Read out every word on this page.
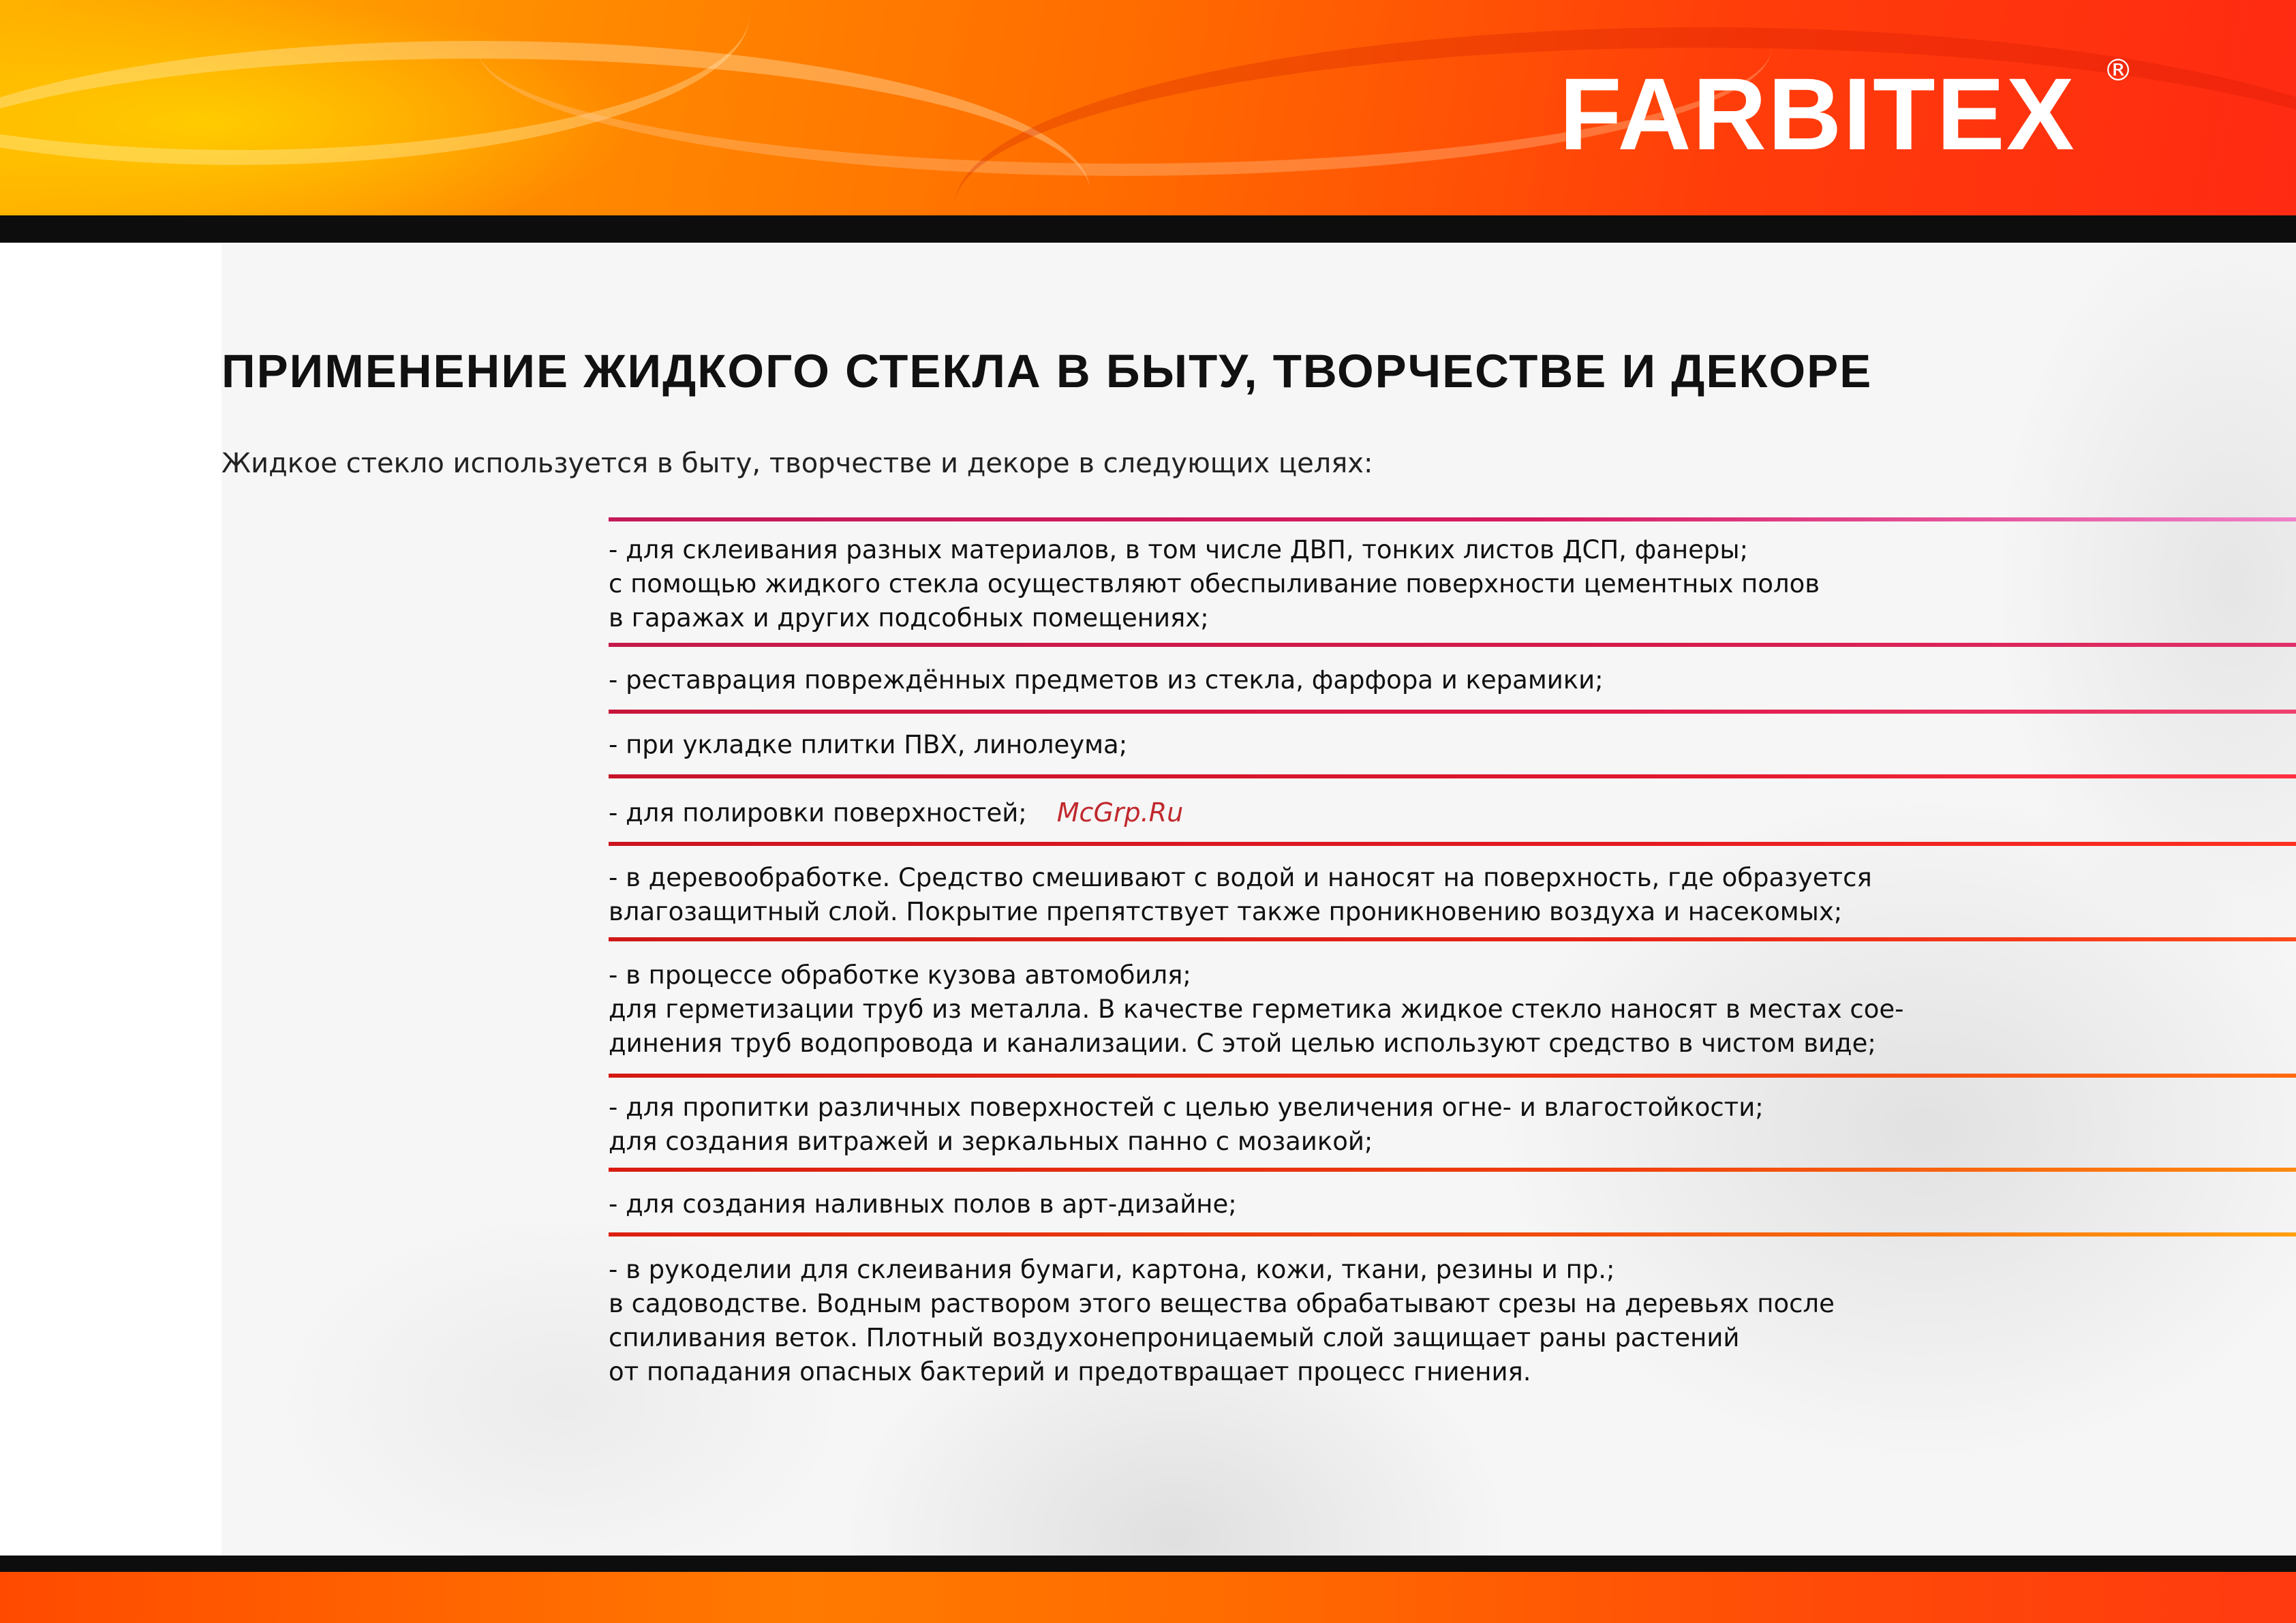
FARBITEX ®
ПРИМЕНЕНИЕ ЖИДКОГО СТЕКЛА В БЫТУ, ТВОРЧЕСТВЕ И ДЕКОРЕ
Жидкое стекло используется в быту, творчестве и декоре в следующих целях:
- для склеивания разных материалов, в том числе ДВП, тонких листов ДСП, фанеры;
с помощью жидкого стекла осуществляют обеспыливание поверхности цементных полов
в гаражах и других подсобных помещениях;
- реставрация повреждённых предметов из стекла, фарфора и керамики;
- при укладке плитки ПВХ, линолеума;
- для полировки поверхностей; McGrp.Ru
- в деревообработке. Средство смешивают с водой и наносят на поверхность, где образуется
влагозащитный слой. Покрытие препятствует также проникновению воздуха и насекомых;
- в процессе обработке кузова автомобиля;
для герметизации труб из металла. В качестве герметика жидкое стекло наносят в местах сое-
динения труб водопровода и канализации. С этой целью используют средство в чистом виде;
- для пропитки различных поверхностей с целью увеличения огне- и влагостойкости;
для создания витражей и зеркальных панно с мозаикой;
- для создания наливных полов в арт-дизайне;
- в рукоделии для склеивания бумаги, картона, кожи, ткани, резины и пр.;
в садоводстве. Водным раствором этого вещества обрабатывают срезы на деревьях после
спиливания веток. Плотный воздухонепроницаемый слой защищает раны растений
от попадания опасных бактерий и предотвращает процесс гниения.
